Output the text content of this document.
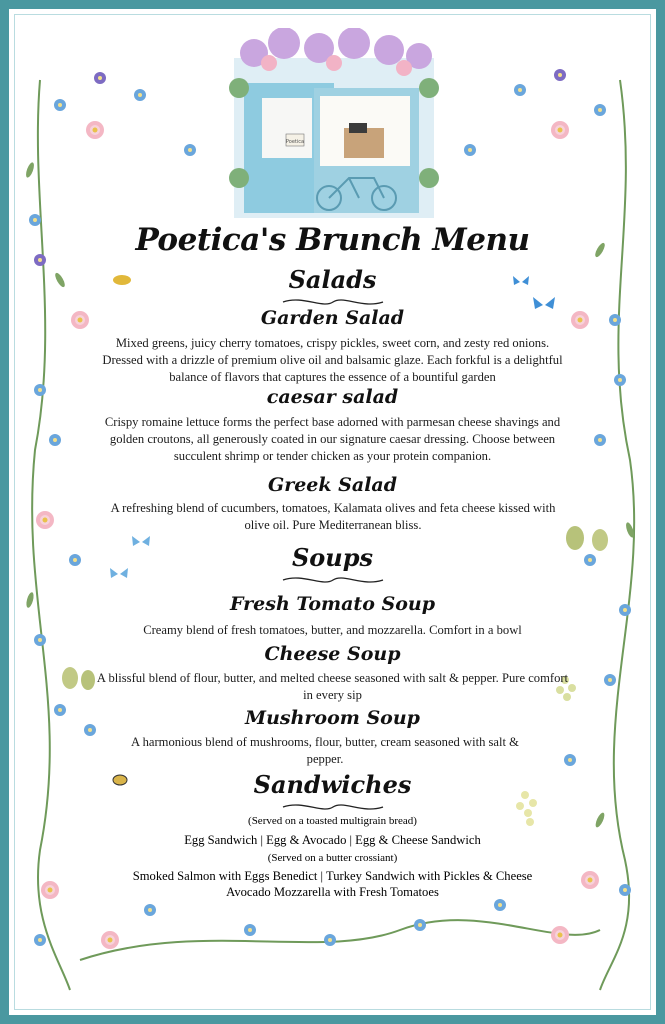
Poetica
Poetica's Brunch Menu
Salads
Garden Salad
Mixed greens, juicy cherry tomatoes, crispy pickles, sweet corn, and zesty red onions. Dressed with a drizzle of premium olive oil and balsamic glaze. Each forkful is a delightful balance of flavors that captures the essence of a bountiful garden
caesar salad
Crispy romaine lettuce forms the perfect base adorned with parmesan cheese shavings and golden croutons, all generously coated in our signature caesar dressing. Choose between succulent shrimp or tender chicken as your protein companion.
Greek Salad
A refreshing blend of cucumbers, tomatoes, Kalamata olives and feta cheese kissed with olive oil. Pure Mediterranean bliss.
Soups
Fresh Tomato Soup
Creamy blend of fresh tomatoes, butter, and mozzarella. Comfort in a bowl
Cheese Soup
A blissful blend of flour, butter, and melted cheese seasoned with salt & pepper. Pure comfort in every sip
Mushroom Soup
A harmonious blend of mushrooms, flour, butter, cream seasoned with salt & pepper.
Sandwiches
(Served on a toasted multigrain bread)
Egg Sandwich | Egg & Avocado | Egg & Cheese Sandwich
(Served on a butter crossiant)
Smoked Salmon with Eggs Benedict | Turkey Sandwich with Pickles & Cheese
Avocado Mozzarella with Fresh Tomatoes
